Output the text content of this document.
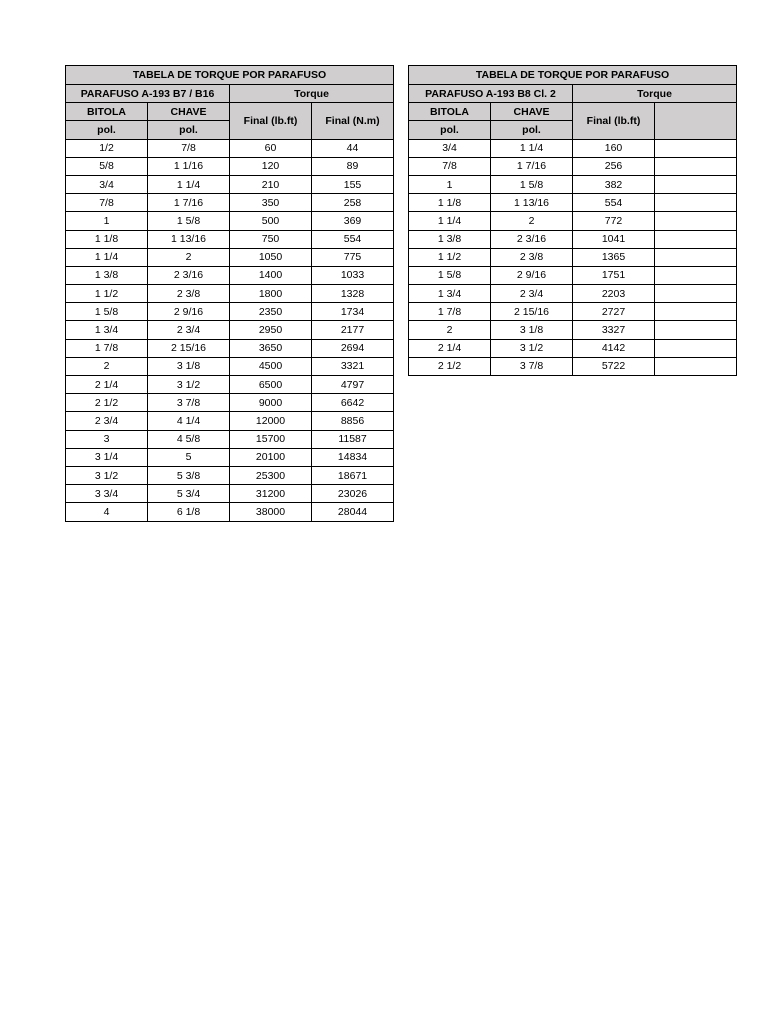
TABELA DE TORQUE POR PARAFUSO			
PARAFUSO A-193 B7 / B16		Torque	
BITOLA	CHAVE	Final (lb.ft)	Final (N.m)
pol.	pol.		
1/2	7/8	60	44
5/8	1 1/16	120	89
3/4	1 1/4	210	155
7/8	1 7/16	350	258
1	1 5/8	500	369
1 1/8	1 13/16	750	554
1 1/4	2	1050	775
1 3/8	2 3/16	1400	1033
1 1/2	2 3/8	1800	1328
1 5/8	2 9/16	2350	1734
1 3/4	2 3/4	2950	2177
1 7/8	2 15/16	3650	2694
2	3 1/8	4500	3321
2 1/4	3 1/2	6500	4797
2 1/2	3 7/8	9000	6642
2 3/4	4 1/4	12000	8856
3	4 5/8	15700	11587
3 1/4	5	20100	14834
3 1/2	5 3/8	25300	18671
3 3/4	5 3/4	31200	23026
4	6 1/8	38000	28044
TABELA DE TORQUE POR PARAFUSO			
PARAFUSO A-193 B8 Cl. 2		Torque	
BITOLA	CHAVE	Final (lb.ft)	
pol.	pol.		
3/4	1 1/4	160	
7/8	1 7/16	256	
1	1 5/8	382	
1 1/8	1 13/16	554	
1 1/4	2	772	
1 3/8	2 3/16	1041	
1 1/2	2 3/8	1365	
1 5/8	2 9/16	1751	
1 3/4	2 3/4	2203	
1 7/8	2 15/16	2727	
2	3 1/8	3327	
2 1/4	3 1/2	4142	
2 1/2	3 7/8	5722	
